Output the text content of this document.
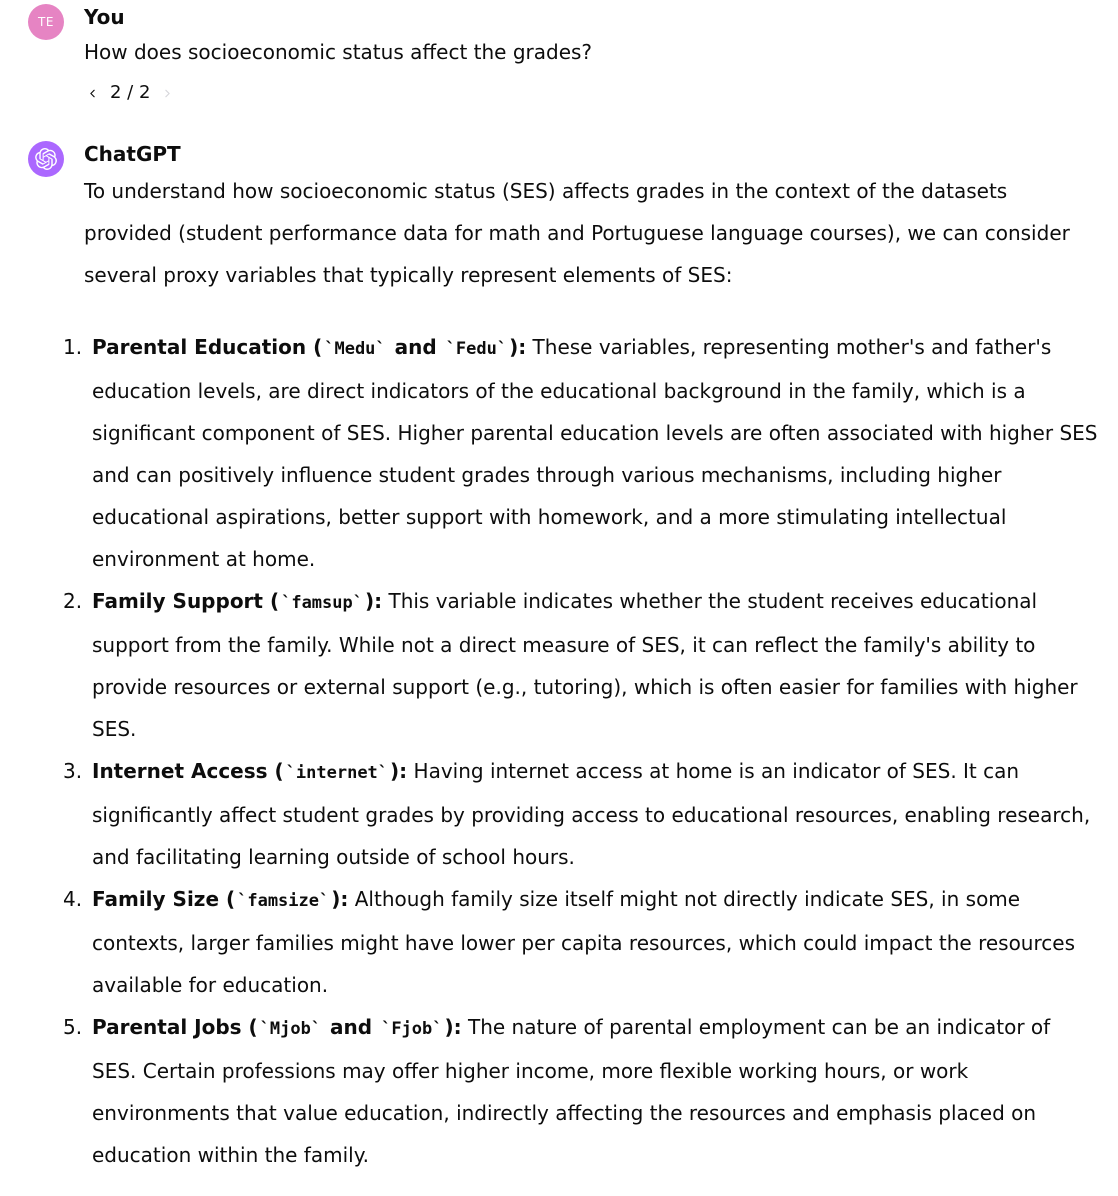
TE You
How does socioeconomic status affect the grades?
2 / 2
ChatGPT
To understand how socioeconomic status (SES) affects grades in the context of the datasets provided (student performance data for math and Portuguese language courses), we can consider several proxy variables that typically represent elements of SES:
1. Parental Education ( `Medu` and `Fedu` ): These variables, representing mother's and father's education levels, are direct indicators of the educational background in the family, which is a significant component of SES. Higher parental education levels are often associated with higher SES and can positively influence student grades through various mechanisms, including higher educational aspirations, better support with homework, and a more stimulating intellectual environment at home.
2. Family Support ( `famsup` ): This variable indicates whether the student receives educational support from the family. While not a direct measure of SES, it can reflect the family's ability to provide resources or external support (e.g., tutoring), which is often easier for families with higher SES.
3. Internet Access ( `internet` ): Having internet access at home is an indicator of SES. It can significantly affect student grades by providing access to educational resources, enabling research, and facilitating learning outside of school hours.
4. Family Size ( `famsize` ): Although family size itself might not directly indicate SES, in some contexts, larger families might have lower per capita resources, which could impact the resources available for education.
5. Parental Jobs ( `Mjob` and `Fjob` ): The nature of parental employment can be an indicator of SES. Certain professions may offer higher income, more flexible working hours, or work environments that value education, indirectly affecting the resources and emphasis placed on education within the family.
